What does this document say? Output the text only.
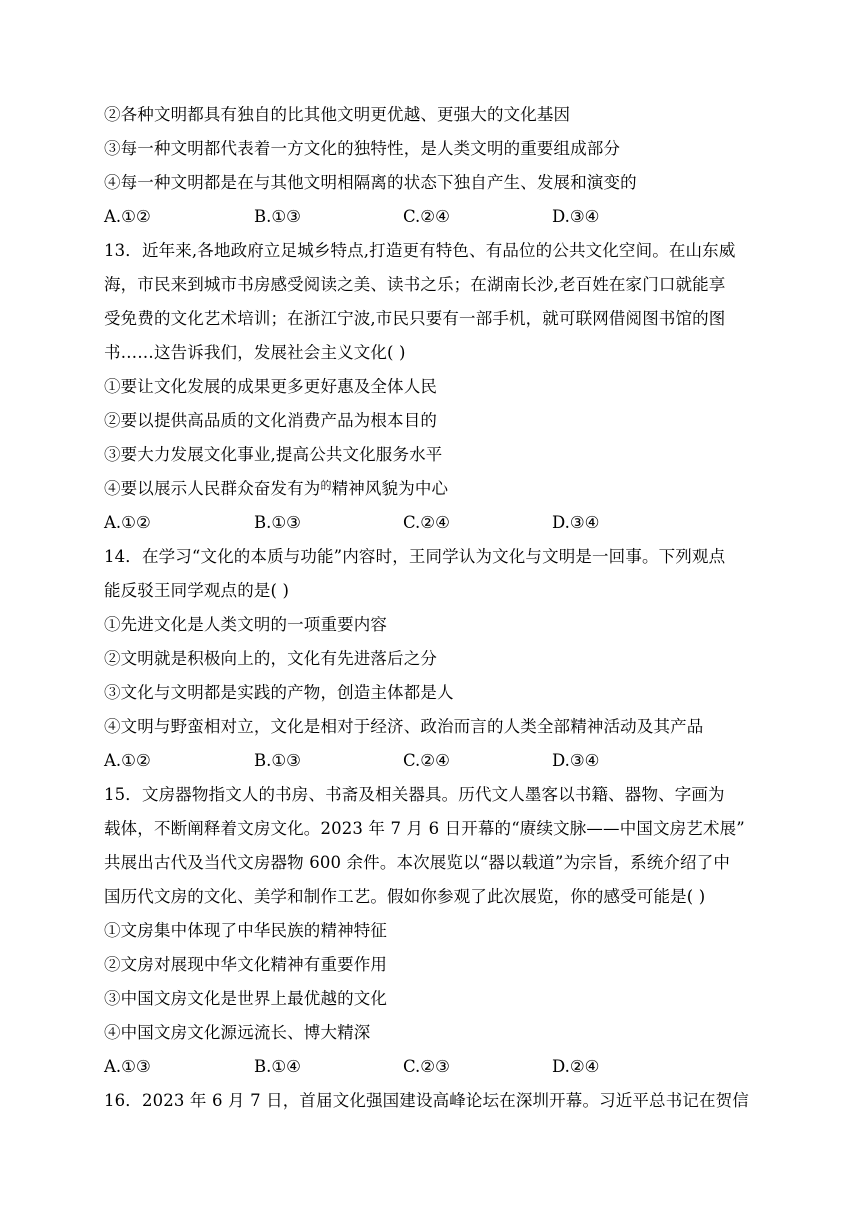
②各种文明都具有独自的比其他文明更优越、更强大的文化基因
③每一种文明都代表着一方文化的独特性，是人类文明的重要组成部分
④每一种文明都是在与其他文明相隔离的状态下独自产生、发展和演变的
A.①②	B.①③	C.②④	D.③④
13．近年来,各地政府立足城乡特点,打造更有特色、有品位的公共文化空间。在山东威
海，市民来到城市书房感受阅读之美、读书之乐；在湖南长沙,老百姓在家门口就能享
受免费的文化艺术培训；在浙江宁波,市民只要有一部手机，就可联网借阅图书馆的图
书……这告诉我们，发展社会主义文化( )
①要让文化发展的成果更多更好惠及全体人民
②要以提供高品质的文化消费产品为根本目的
③要大力发展文化事业,提高公共文化服务水平
④要以展示人民群众奋发有为$^的$精神风貌为中心
A.①②	B.①③	C.②④	D.③④
14．在学习“文化的本质与功能”内容时，王同学认为文化与文明是一回事。下列观点
能反驳王同学观点的是( )
①先进文化是人类文明的一项重要内容
②文明就是积极向上的，文化有先进落后之分
③文化与文明都是实践的产物，创造主体都是人
④文明与野蛮相对立，文化是相对于经济、政治而言的人类全部精神活动及其产品
A.①②	B.①③	C.②④	D.③④
15．文房器物指文人的书房、书斋及相关器具。历代文人墨客以书籍、器物、字画为
载体，不断阐释着文房文化。2023 年 7 月 6 日开幕的“赓续文脉——中国文房艺术展”
共展出古代及当代文房器物 600 余件。本次展览以“器以载道”为宗旨，系统介绍了中
国历代文房的文化、美学和制作工艺。假如你参观了此次展览，你的感受可能是( )
①文房集中体现了中华民族的精神特征
②文房对展现中华文化精神有重要作用
③中国文房文化是世界上最优越的文化
④中国文房文化源远流长、博大精深
A.①③	B.①④	C.②③	D.②④
16．2023 年 6 月 7 日，首届文化强国建设高峰论坛在深圳开幕。习近平总书记在贺信
